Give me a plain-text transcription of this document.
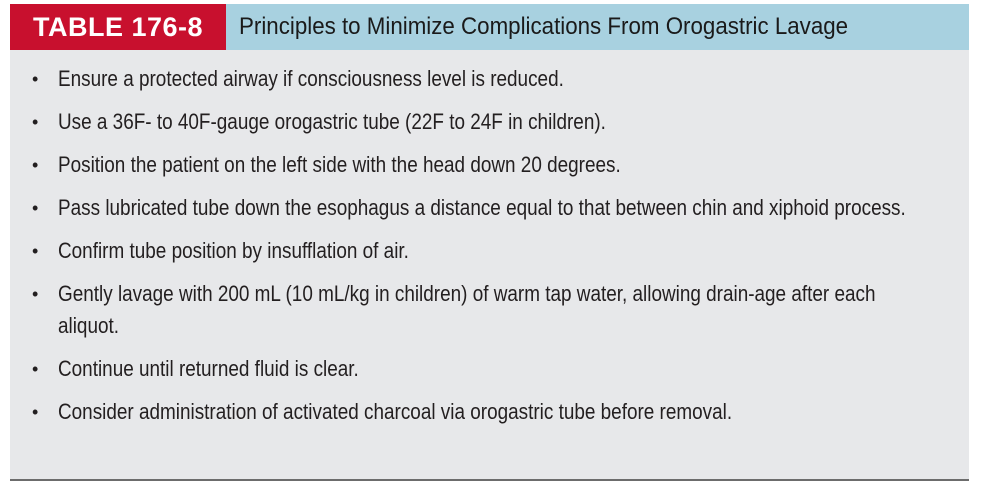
TABLE 176-8	Principles to Minimize Complications From Orogastric Lavage
• Ensure a protected airway if consciousness level is reduced.
• Use a 36F- to 40F-gauge orogastric tube (22F to 24F in children).
• Position the patient on the left side with the head down 20 degrees.
• Pass lubricated tube down the esophagus a distance equal to that between chin and xiphoid process.
• Confirm tube position by insufflation of air.
• Gently lavage with 200 mL (10 mL/kg in children) of warm tap water, allowing drain-age after each aliquot.
• Continue until returned fluid is clear.
• Consider administration of activated charcoal via orogastric tube before removal.
